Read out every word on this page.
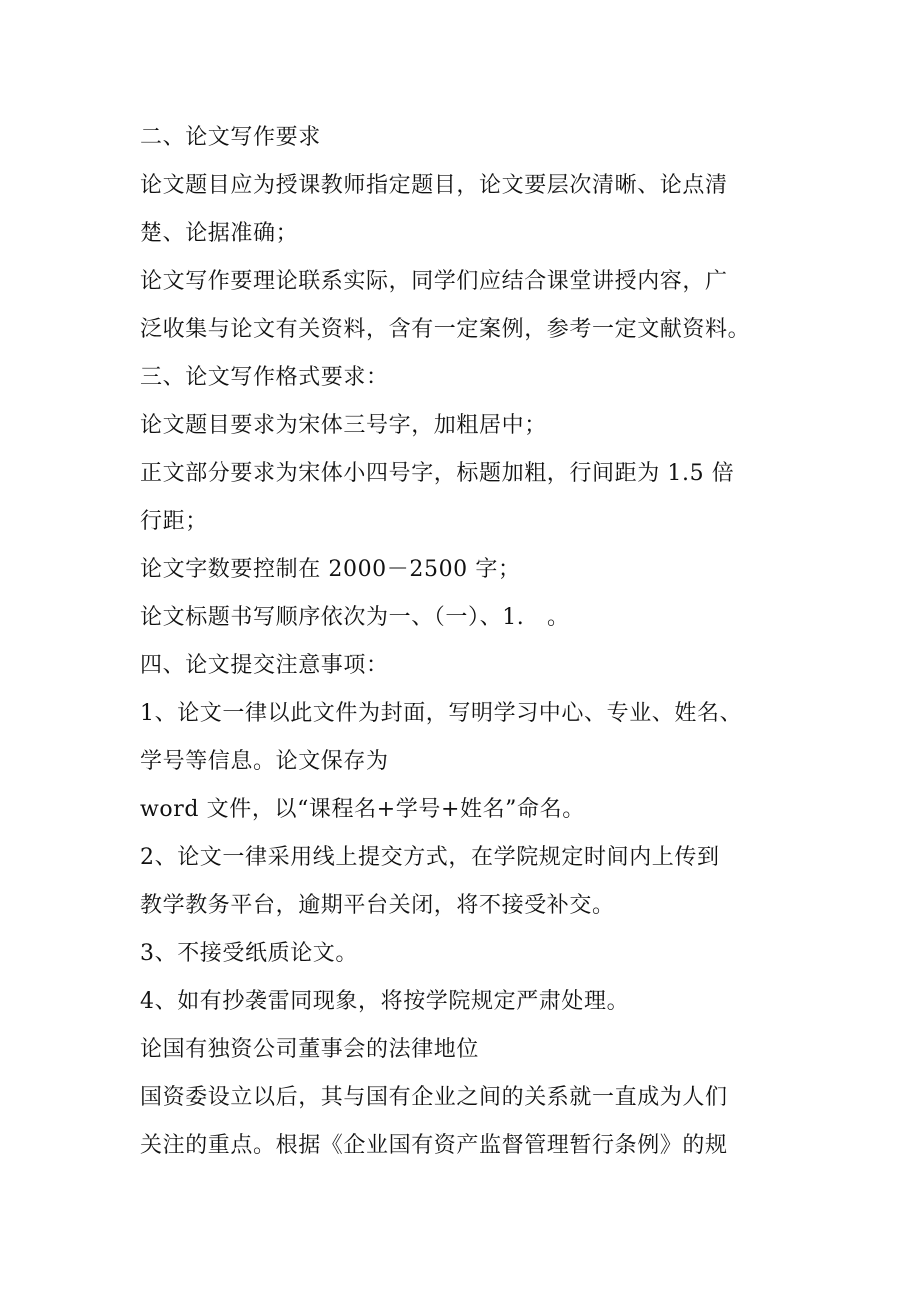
二、论文写作要求
论文题目应为授课教师指定题目，论文要层次清晰、论点清
楚、论据准确；
论文写作要理论联系实际，同学们应结合课堂讲授内容，广
泛收集与论文有关资料，含有一定案例，参考一定文献资料。
三、论文写作格式要求：
论文题目要求为宋体三号字，加粗居中；
正文部分要求为宋体小四号字，标题加粗，行间距为 1.5 倍
行距；
论文字数要控制在 2000－2500 字；
论文标题书写顺序依次为一、（一）、1.　。
四、论文提交注意事项：
1、论文一律以此文件为封面，写明学习中心、专业、姓名、
学号等信息。论文保存为
word 文件，以“课程名+学号+姓名”命名。
2、论文一律采用线上提交方式，在学院规定时间内上传到
教学教务平台，逾期平台关闭，将不接受补交。
3、不接受纸质论文。
4、如有抄袭雷同现象，将按学院规定严肃处理。
论国有独资公司董事会的法律地位
国资委设立以后，其与国有企业之间的关系就一直成为人们
关注的重点。根据《企业国有资产监督管理暂行条例》的规
